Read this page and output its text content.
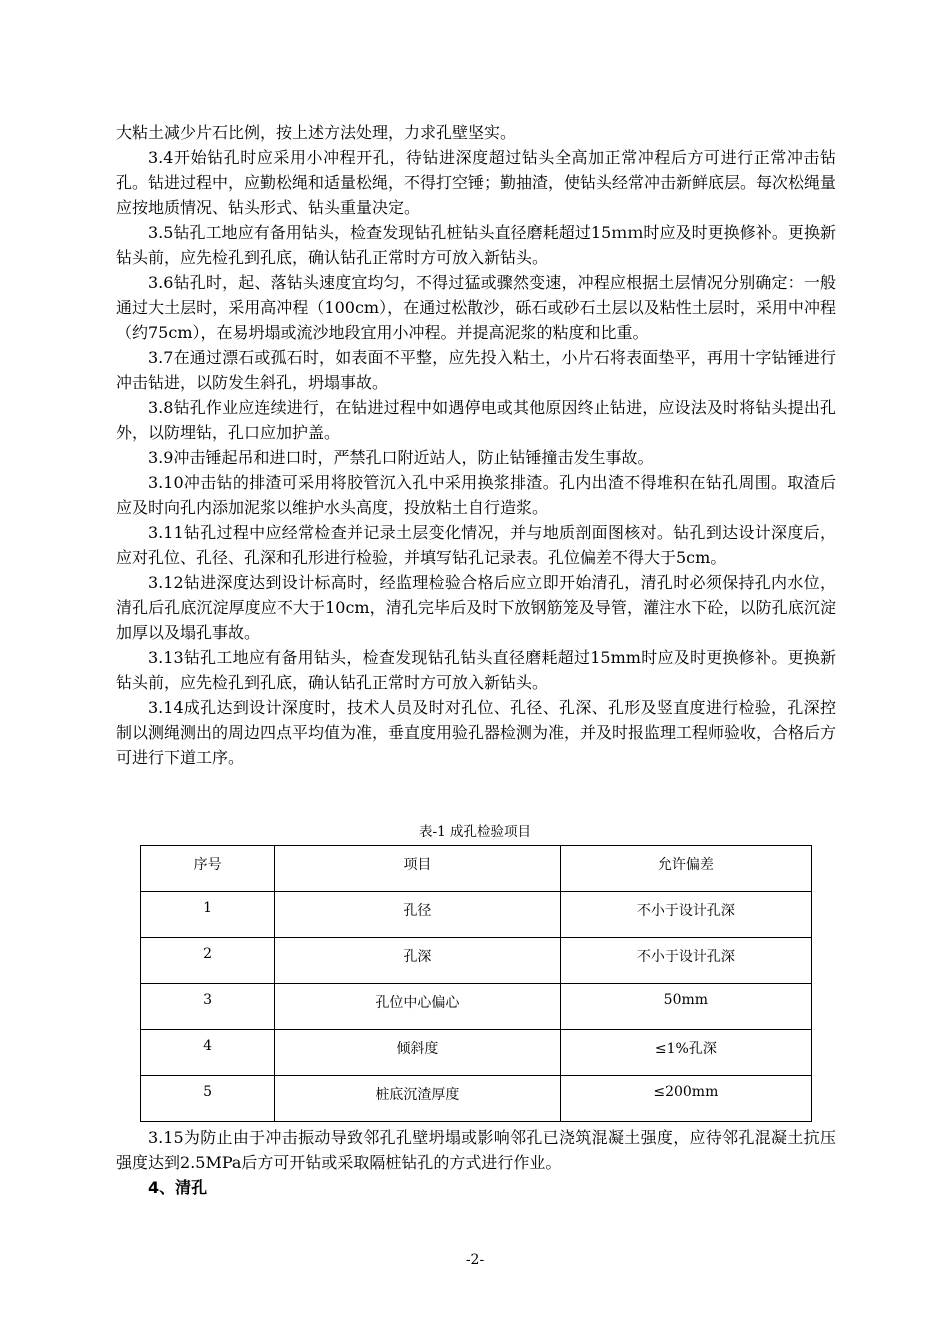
大粘土减少片石比例，按上述方法处理，力求孔壁坚实。

3.4开始钻孔时应采用小冲程开孔，待钻进深度超过钻头全高加正常冲程后方可进行正常冲击钻孔。钻进过程中，应勤松绳和适量松绳，不得打空锤；勤抽渣，使钻头经常冲击新鲜底层。每次松绳量应按地质情况、钻头形式、钻头重量决定。

3.5钻孔工地应有备用钻头，检查发现钻孔桩钻头直径磨耗超过15ｍｍ时应及时更换修补。更换新钻头前，应先检孔到孔底，确认钻孔正常时方可放入新钻头。

3.6钻孔时，起、落钻头速度宜均匀，不得过猛或骤然变速，冲程应根据土层情况分别确定：一般通过大土层时，采用高冲程（100cm），在通过松散沙，砾石或砂石土层以及粘性土层时，采用中冲程（约75cm），在易坍塌或流沙地段宜用小冲程。并提高泥浆的粘度和比重。

3.7在通过漂石或孤石时，如表面不平整，应先投入粘土，小片石将表面垫平，再用十字钻锤进行冲击钻进，以防发生斜孔，坍塌事故。

3.8钻孔作业应连续进行，在钻进过程中如遇停电或其他原因终止钻进，应设法及时将钻头提出孔外，以防埋钻，孔口应加护盖。

3.9冲击锤起吊和进口时，严禁孔口附近站人，防止钻锤撞击发生事故。

3.10冲击钻的排渣可采用将胶管沉入孔中采用换浆排渣。孔内出渣不得堆积在钻孔周围。取渣后应及时向孔内添加泥浆以维护水头高度，投放粘土自行造浆。

3.11钻孔过程中应经常检查并记录土层变化情况，并与地质剖面图核对。钻孔到达设计深度后，应对孔位、孔径、孔深和孔形进行检验，并填写钻孔记录表。孔位偏差不得大于5cm。

3.12钻进深度达到设计标高时，经监理检验合格后应立即开始清孔，清孔时必须保持孔内水位，清孔后孔底沉淀厚度应不大于10cm，清孔完毕后及时下放钢筋笼及导管，灌注水下砼，以防孔底沉淀加厚以及塌孔事故。

3.13钻孔工地应有备用钻头，检查发现钻孔钻头直径磨耗超过15mm时应及时更换修补。更换新钻头前，应先检孔到孔底，确认钻孔正常时方可放入新钻头。

3.14成孔达到设计深度时，技术人员及时对孔位、孔径、孔深、孔形及竖直度进行检验，孔深控制以测绳测出的周边四点平均值为准，垂直度用验孔器检测为准，并及时报监理工程师验收，合格后方可进行下道工序。

表-1 成孔检验项目
序号	项目	允许偏差
1	孔径	不小于设计孔深
2	孔深	不小于设计孔深
3	孔位中心偏心	50mm
4	倾斜度	≤1%孔深
5	桩底沉渣厚度	≤200mm

3.15为防止由于冲击振动导致邻孔孔壁坍塌或影响邻孔已浇筑混凝土强度，应待邻孔混凝土抗压强度达到2.5MPa后方可开钻或采取隔桩钻孔的方式进行作业。

4、清孔

-2-
